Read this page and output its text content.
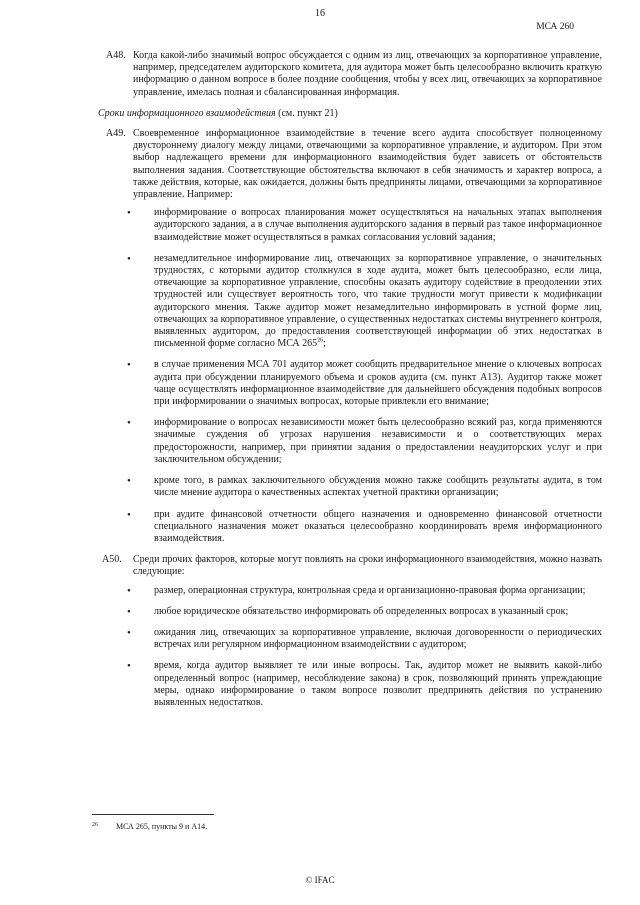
16
МСА 260
A48. Когда какой-либо значимый вопрос обсуждается с одним из лиц, отвечающих за корпоративное управление, например, председателем аудиторского комитета, для аудитора может быть целесообразно включить краткую информацию о данном вопросе в более поздние сообщения, чтобы у всех лиц, отвечающих за корпоративное управление, имелась полная и сбалансированная информация.
Сроки информационного взаимодействия (см. пункт 21)
A49. Своевременное информационное взаимодействие в течение всего аудита способствует полноценному двустороннему диалогу между лицами, отвечающими за корпоративное управление, и аудитором. При этом выбор надлежащего времени для информационного взаимодействия будет зависеть от обстоятельств выполнения задания. Соответствующие обстоятельства включают в себя значимость и характер вопроса, а также действия, которые, как ожидается, должны быть предприняты лицами, отвечающими за корпоративное управление. Например:
• информирование о вопросах планирования может осуществляться на начальных этапах выполнения аудиторского задания, а в случае выполнения аудиторского задания в первый раз такое информационное взаимодействие может осуществляться в рамках согласования условий задания;
• незамедлительное информирование лиц, отвечающих за корпоративное управление, о значительных трудностях, с которыми аудитор столкнулся в ходе аудита, может быть целесообразно, если лица, отвечающие за корпоративное управление, способны оказать аудитору содействие в преодолении этих трудностей или существует вероятность того, что такие трудности могут привести к модификации аудиторского мнения. Также аудитор может незамедлительно информировать в устной форме лиц, отвечающих за корпоративное управление, о существенных недостатках системы внутреннего контроля, выявленных аудитором, до предоставления соответствующей информации об этих недостатках в письменной форме согласно МСА $265^{26}$;
• в случае применения МСА 701 аудитор может сообщить предварительное мнение о ключевых вопросах аудита при обсуждении планируемого объема и сроков аудита (см. пункт А13). Аудитор также может чаще осуществлять информационное взаимодействие для дальнейшего обсуждения подобных вопросов при информировании о значимых вопросах, которые привлекли его внимание;
• информирование о вопросах независимости может быть целесообразно всякий раз, когда применяются значимые суждения об угрозах нарушения независимости и о соответствующих мерах предосторожности, например, при принятии задания о предоставлении неаудиторских услуг и при заключительном обсуждении;
• кроме того, в рамках заключительного обсуждения можно также сообщить результаты аудита, в том числе мнение аудитора о качественных аспектах учетной практики организации;
• при аудите финансовой отчетности общего назначения и одновременно финансовой отчетности специального назначения может оказаться целесообразно координировать время информационного взаимодействия.
A50. Среди прочих факторов, которые могут повлиять на сроки информационного взаимодействия, можно назвать следующие:
• размер, операционная структура, контрольная среда и организационно-правовая форма организации;
• любое юридическое обязательство информировать об определенных вопросах в указанный срок;
• ожидания лиц, отвечающих за корпоративное управление, включая договоренности о периодических встречах или регулярном информационном взаимодействии с аудитором;
• время, когда аудитор выявляет те или иные вопросы. Так, аудитор может не выявить какой-либо определенный вопрос (например, несоблюдение закона) в срок, позволяющий принять упреждающие меры, однако информирование о таком вопросе позволит предпринять действия по устранению выявленных недостатков.
26 МСА 265, пункты 9 и A14.
© IFAC
